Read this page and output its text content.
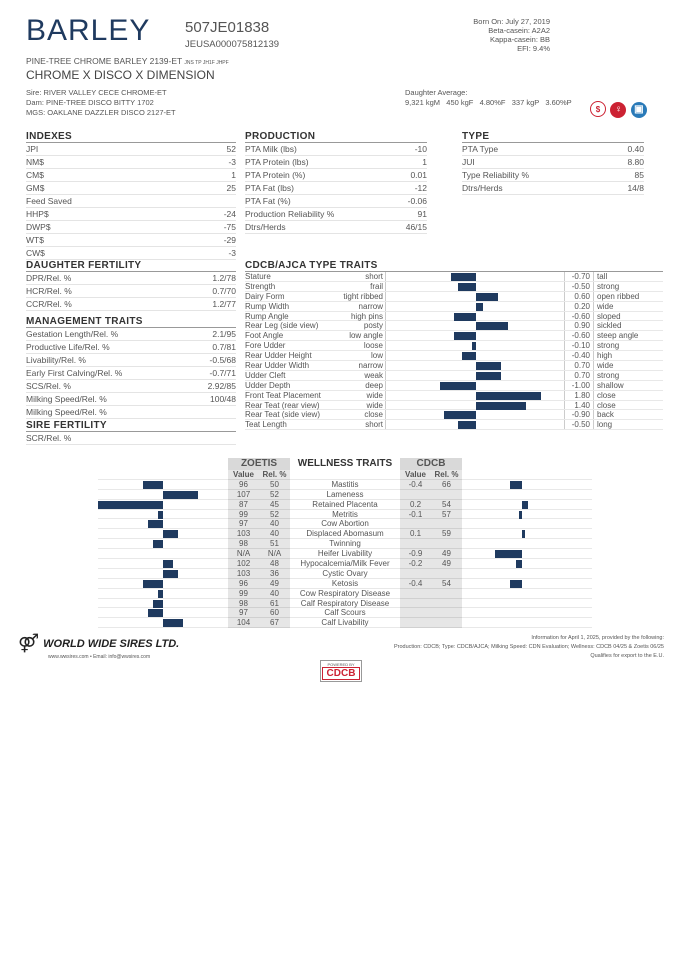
BARLEY 507JE01838
JEUSA000075812139
PINE-TREE CHROME BARLEY 2139-ET JNS TP JH1F JHPF
CHROME X DISCO X DIMENSION
Sire: RIVER VALLEY CECE CHROME-ET
Dam: PINE-TREE DISCO BITTY 1702
MGS: OAKLANE DAZZLER DISCO 2127-ET
Born On: July 27, 2019
Beta-casein: A2A2
Kappa-casein: BB
EFI: 9.4%
Daughter Average:
9,321 kgM   450 kgF   4.80%F   337 kgP   3.60%P
$ ♀ ▣
INDEXES
JPI	52
NM$	-3
CM$	1
GM$	25
Feed Saved
HHP$	-24
DWP$	-75
WT$	-29
CW$	-3
PRODUCTION
PTA Milk (lbs)	-10
PTA Protein (lbs)	1
PTA Protein (%)	0.01
PTA Fat (lbs)	-12
PTA Fat (%)	-0.06
Production Reliability %	91
Dtrs/Herds	46/15
TYPE
PTA Type	0.40
JUI	8.80
Type Reliability %	85
Dtrs/Herds	14/8
DAUGHTER FERTILITY
DPR/Rel. %	1.2/78
HCR/Rel. %	0.7/70
CCR/Rel. %	1.2/77
MANAGEMENT TRAITS
Gestation Length/Rel. %	2.1/95
Productive Life/Rel. %	0.7/81
Livability/Rel. %	-0.5/68
Early First Calving/Rel. %	-0.7/71
SCS/Rel. %	2.92/85
Milking Speed/Rel. %	100/48
Milking Speed/Rel. %
SIRE FERTILITY
SCR/Rel. %
CDCB/AJCA TYPE TRAITS
Stature	short	-0.70 tall
Strength	frail	-0.50 strong
Dairy Form	tight ribbed	0.60 open ribbed
Rump Width	narrow	0.20 wide
Rump Angle	high pins	-0.60 sloped
Rear Leg (side view)	posty	0.90 sickled
Foot Angle	low angle	-0.60 steep angle
Fore Udder	loose	-0.10 strong
Rear Udder Height	low	-0.40 high
Rear Udder Width	narrow	0.70 wide
Udder Cleft	weak	0.70 strong
Udder Depth	deep	-1.00 shallow
Front Teat Placement	wide	1.80 close
Rear Teat (rear view)	wide	1.40 close
Rear Teat (side view)	close	-0.90 back
Teat Length	short	-0.50 long
ZOETIS	WELLNESS TRAITS	CDCB
Value	Rel. %	Value	Rel. %
96	50	Mastitis	-0.4	66
107	52	Lameness
87	45	Retained Placenta	0.2	54
99	52	Metritis	-0.1	57
97	40	Cow Abortion
103	40	Displaced Abomasum	0.1	59
98	51	Twinning
N/A	N/A	Heifer Livability	-0.9	49
102	48	Hypocalcemia/Milk Fever	-0.2	49
103	36	Cystic Ovary
96	49	Ketosis	-0.4	54
99	40	Cow Respiratory Disease
98	61	Calf Respiratory Disease
97	60	Calf Scours
104	67	Calf Livability
⚤ WORLD WIDE SIRES LTD.
www.wwsires.com • Email: info@wwsires.com
Information for April 1, 2025, provided by the following:
Production: CDCB; Type: CDCB/AJCA; Milking Speed: CDN Evaluation; Wellness: CDCB 04/25 & Zoetis 06/25
Qualifies for export to the E.U.
POWERED BY
CDCB
